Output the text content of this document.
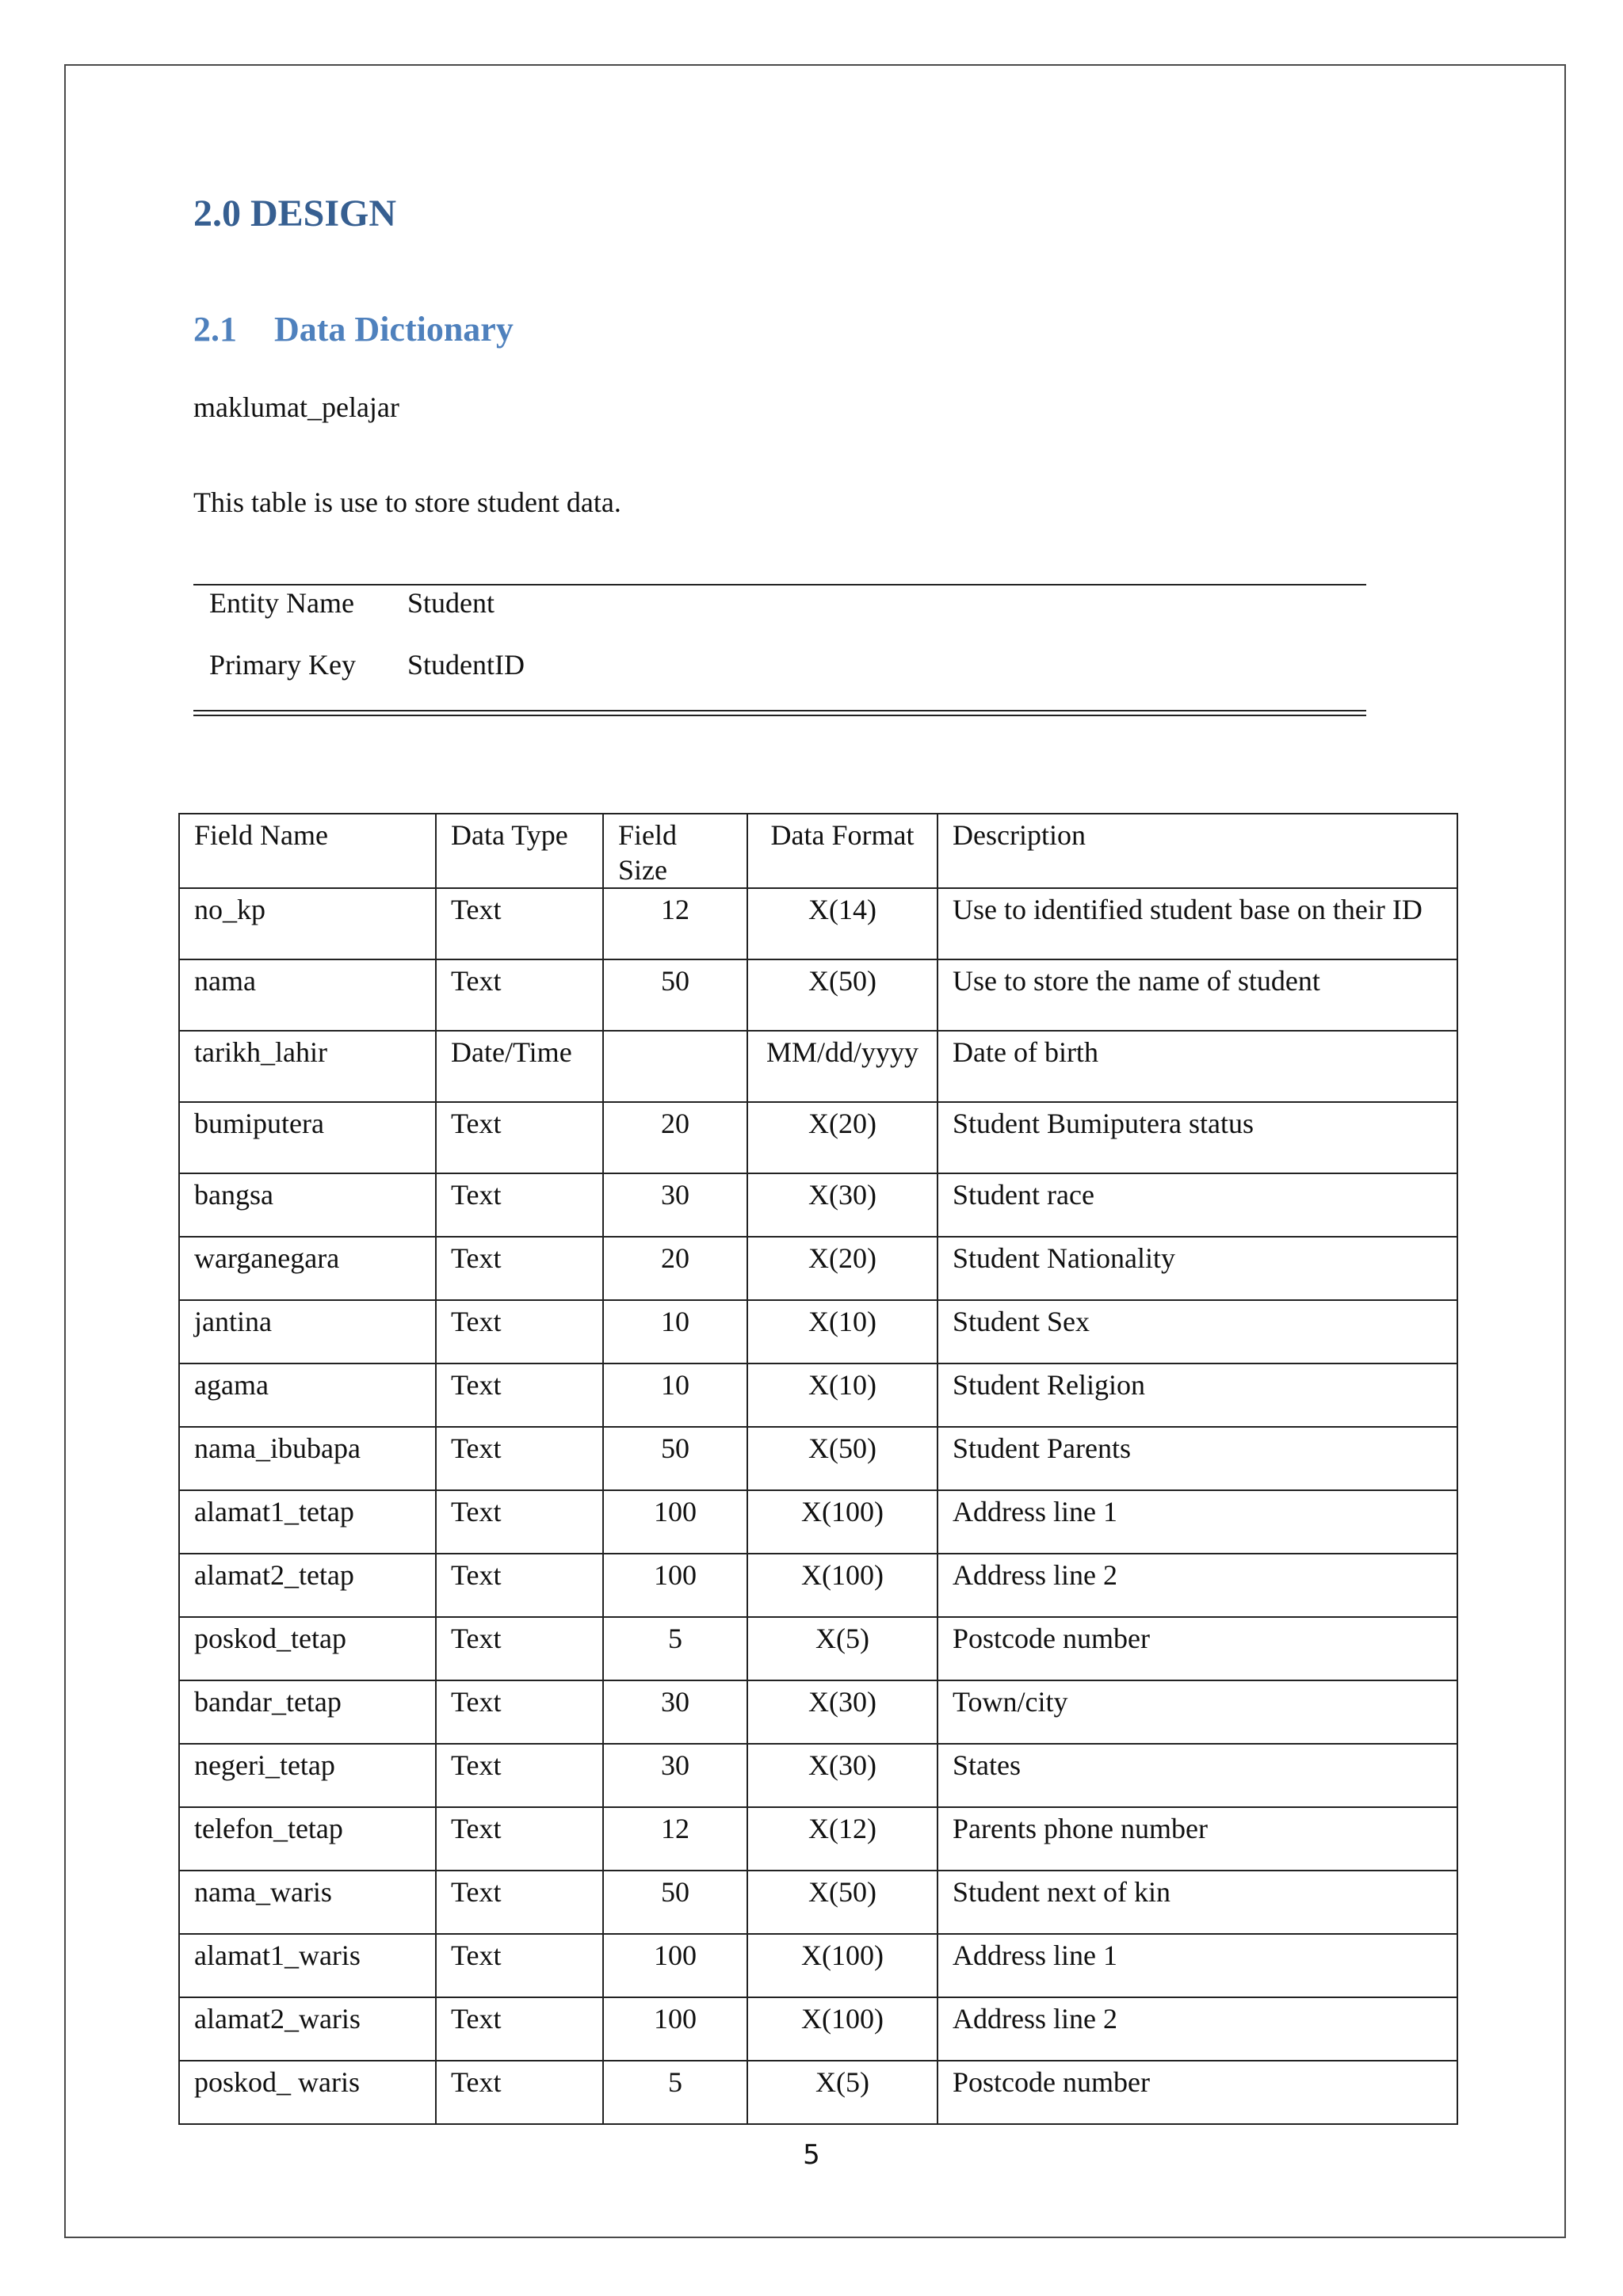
2.0 DESIGN
2.1 Data Dictionary

maklumat_pelajar

This table is use to store student data.

Entity Name Student
Primary Key StudentID
Field Name	Data Type	Field Size	Data Format	Description
no_kp	Text	12	X(14)	Use to identified student base on their ID
nama	Text	50	X(50)	Use to store the name of student
tarikh_lahir	Date/Time		MM/dd/yyyy	Date of birth
bumiputera	Text	20	X(20)	Student Bumiputera status
bangsa	Text	30	X(30)	Student race
warganegara	Text	20	X(20)	Student Nationality
jantina	Text	10	X(10)	Student Sex
agama	Text	10	X(10)	Student Religion
nama_ibubapa	Text	50	X(50)	Student Parents
alamat1_tetap	Text	100	X(100)	Address line 1
alamat2_tetap	Text	100	X(100)	Address line 2
poskod_tetap	Text	5	X(5)	Postcode number
bandar_tetap	Text	30	X(30)	Town/city
negeri_tetap	Text	30	X(30)	States
telefon_tetap	Text	12	X(12)	Parents phone number
nama_waris	Text	50	X(50)	Student next of kin
alamat1_waris	Text	100	X(100)	Address line 1
alamat2_waris	Text	100	X(100)	Address line 2
poskod_ waris	Text	5	X(5)	Postcode number
5
